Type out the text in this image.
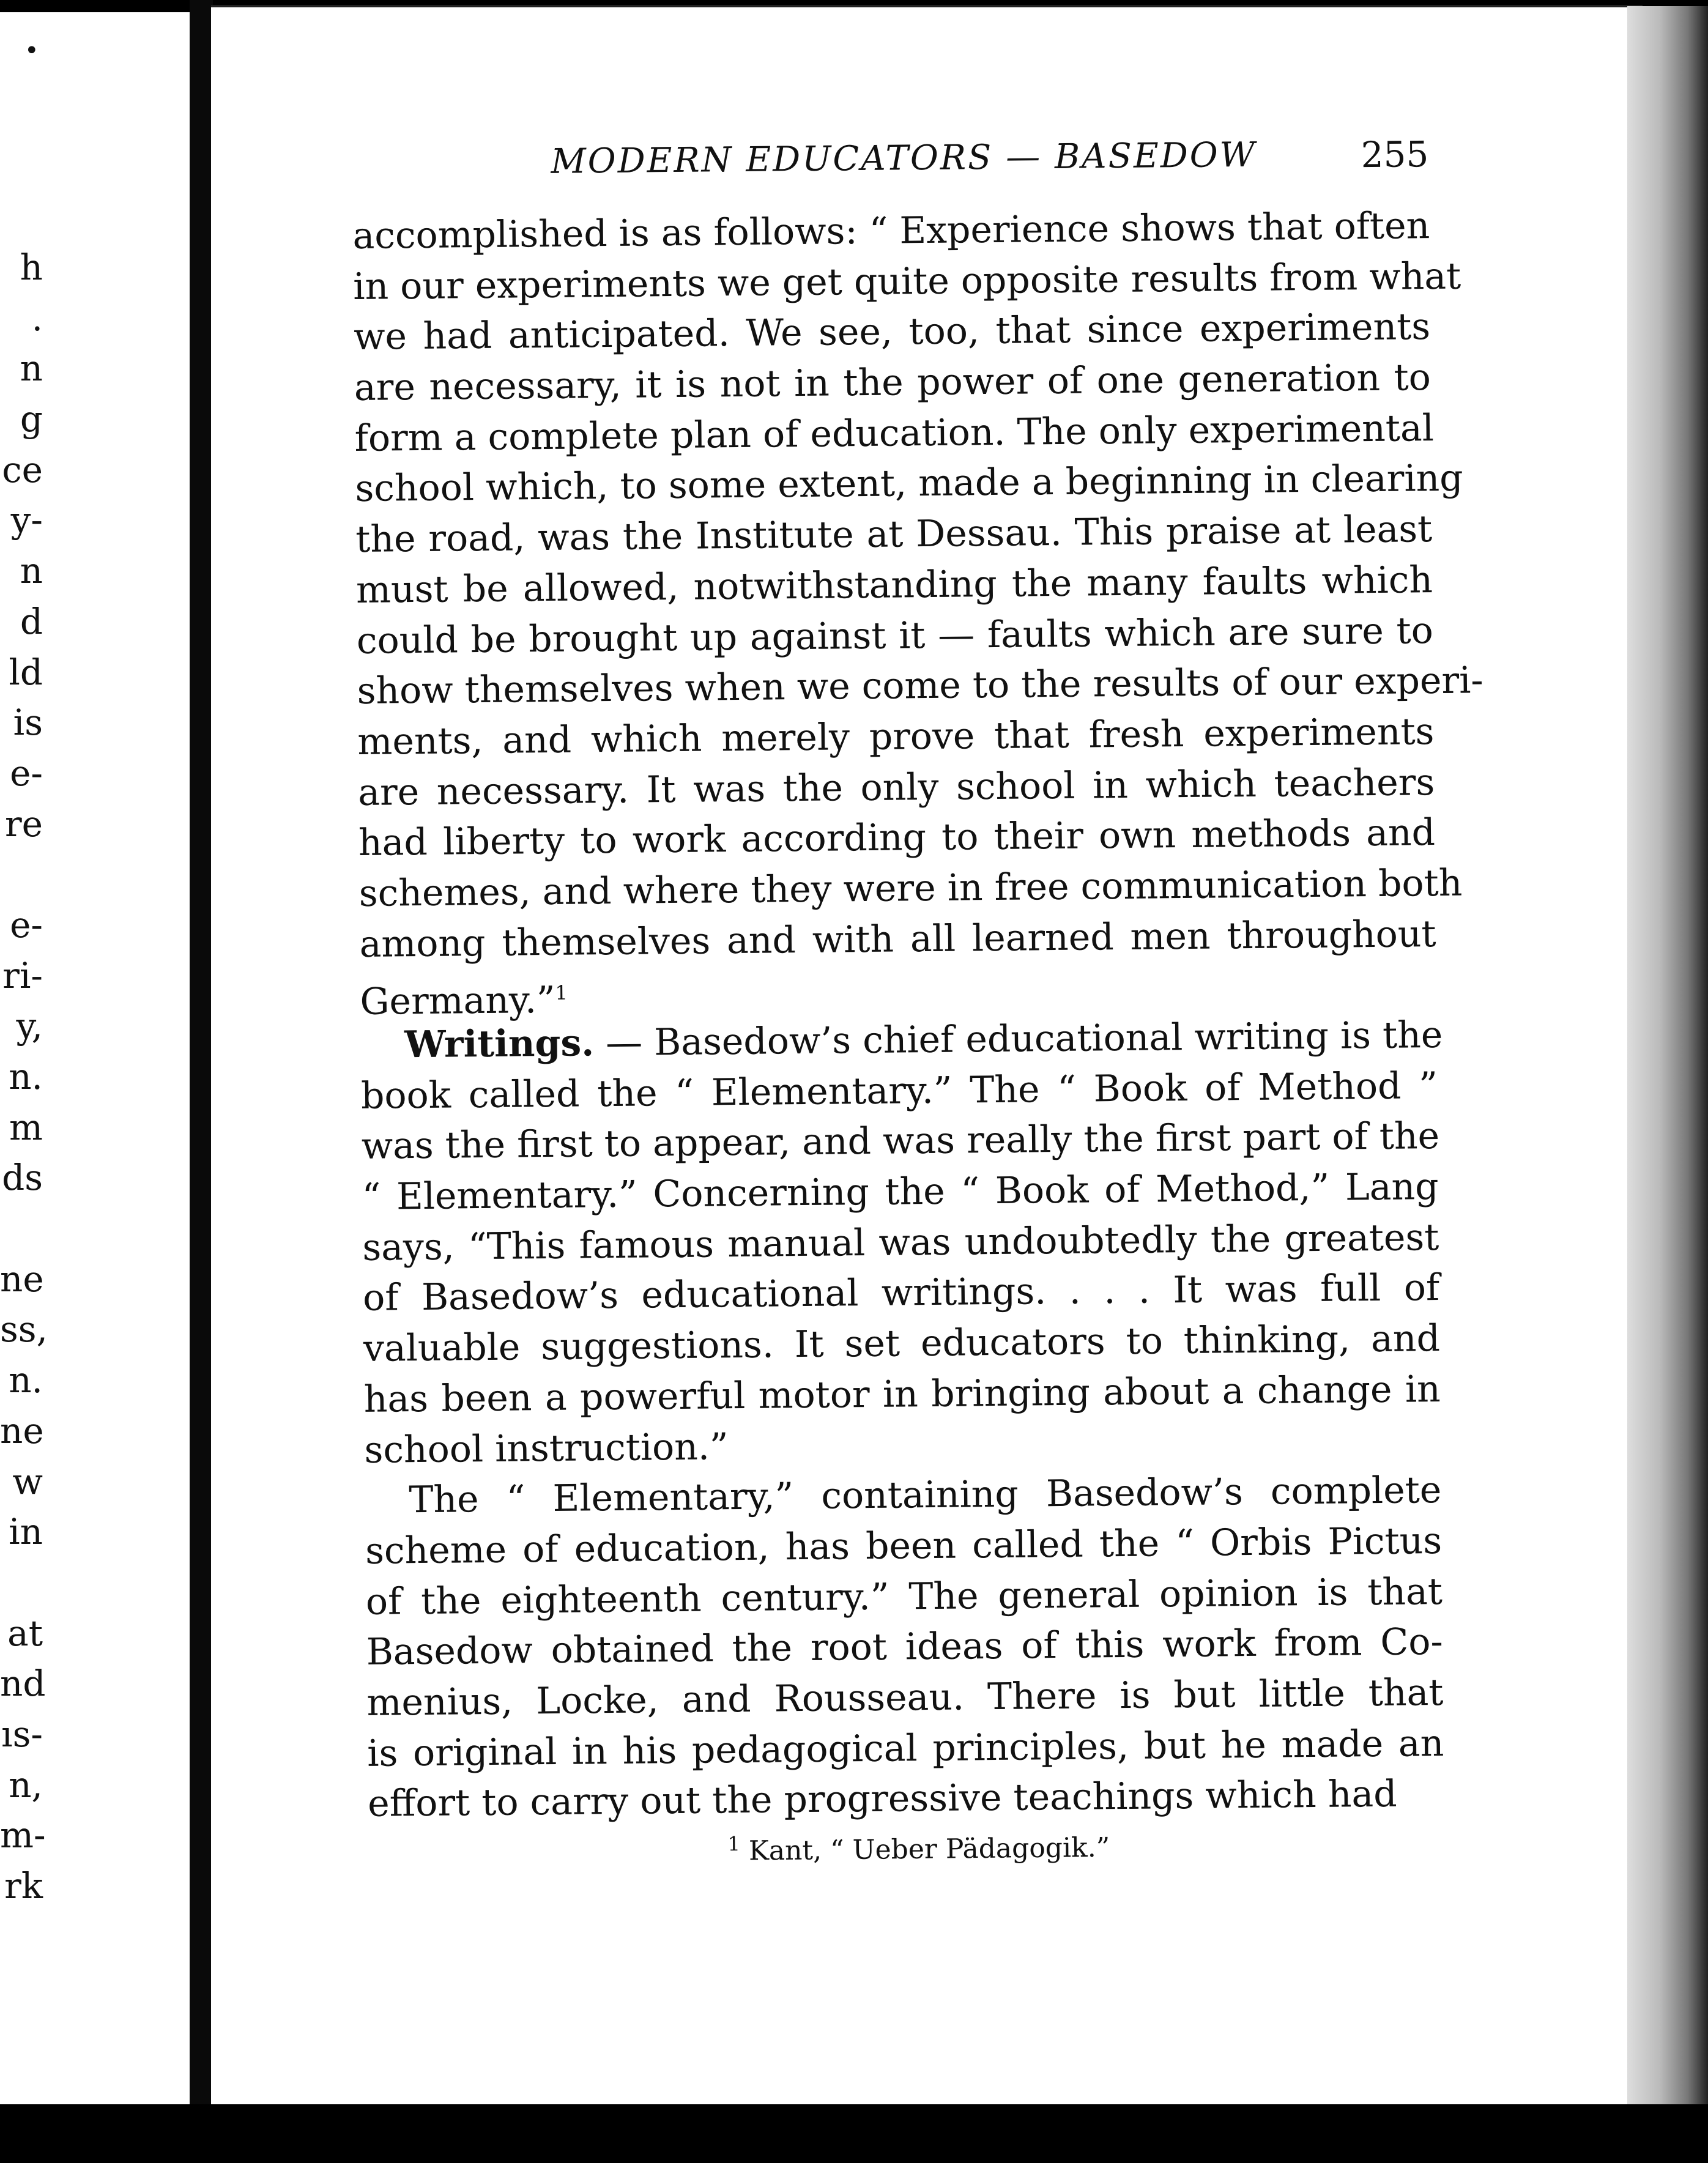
•
h
.
n
g
ce
y-
n
d
ld
is
e-
re
e-
ri-
y,
n.
m
ds
ne
ss,
n.
ne
w
in
at
nd
ıs-
n,
m-
rk
MODERN EDUCATORS — BASEDOW	255
accomplished is as follows: “ Experience shows that often
in our experiments we get quite opposite results from what
we had anticipated. We see, too, that since experiments
are necessary, it is not in the power of one generation to
form a complete plan of education. The only experimental
school which, to some extent, made a beginning in clearing
the road, was the Institute at Dessau. This praise at least
must be allowed, notwithstanding the many faults which
could be brought up against it — faults which are sure to
show themselves when we come to the results of our experi-
ments, and which merely prove that fresh experiments
are necessary. It was the only school in which teachers
had liberty to work according to their own methods and
schemes, and where they were in free communication both
among themselves and with all learned men throughout
Germany.”$^1$
Writings. — Basedow’s chief educational writing is the
book called the “ Elementary.” The “ Book of Method ”
was the first to appear, and was really the first part of the
“ Elementary.” Concerning the “ Book of Method,” Lang
says, “This famous manual was undoubtedly the greatest
of Basedow’s educational writings. . . . It was full of
valuable suggestions. It set educators to thinking, and
has been a powerful motor in bringing about a change in
school instruction.”
The “ Elementary,” containing Basedow’s complete
scheme of education, has been called the “ Orbis Pictus
of the eighteenth century.” The general opinion is that
Basedow obtained the root ideas of this work from Co-
menius, Locke, and Rousseau. There is but little that
is original in his pedagogical principles, but he made an
effort to carry out the progressive teachings which had
$^1$ Kant, “ Ueber Pädagogik.”
